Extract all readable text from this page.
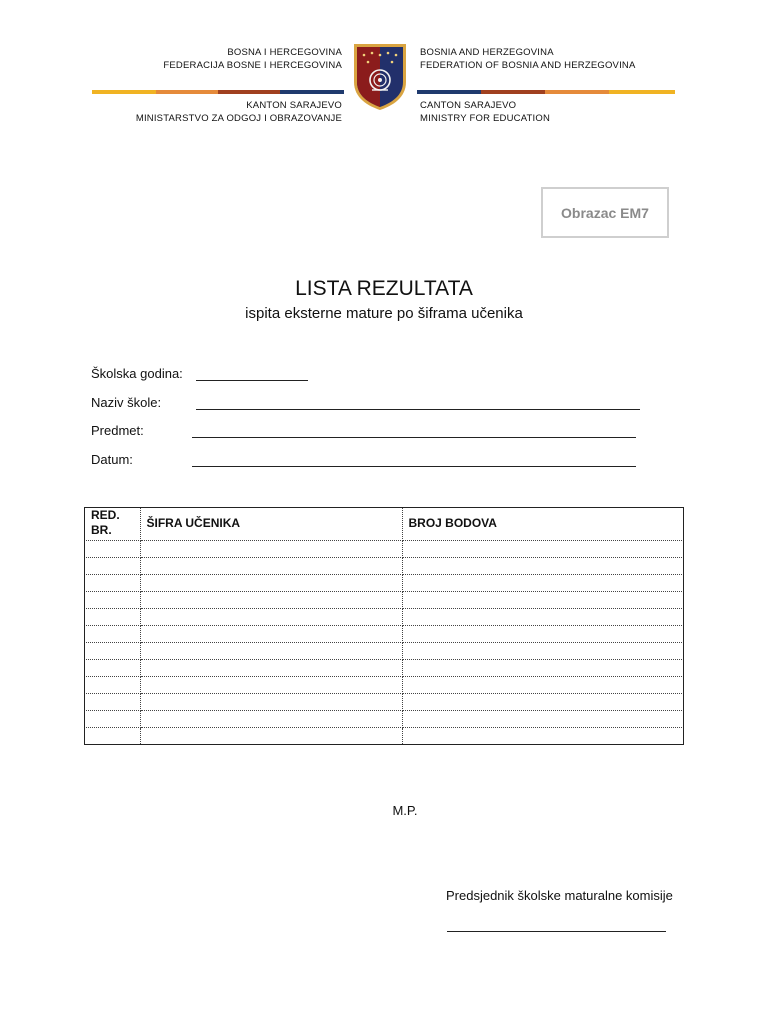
BOSNA I HERCEGOVINA
FEDERACIJA BOSNE I HERCEGOVINA
KANTON SARAJEVO
MINISTARSTVO ZA ODGOJ I OBRAZOVANJE
BOSNIA AND HERZEGOVINA
FEDERATION OF BOSNIA AND HERZEGOVINA
CANTON SARAJEVO
MINISTRY FOR EDUCATION
Obrazac EM7
LISTA REZULTATA
ispita eksterne mature po šiframa učenika
Školska godina:
Naziv škole:
Predmet:
Datum:
RED. BR.	ŠIFRA UČENIKA	BROJ BODOVA

M.P.
Predsjednik školske maturalne komisije
